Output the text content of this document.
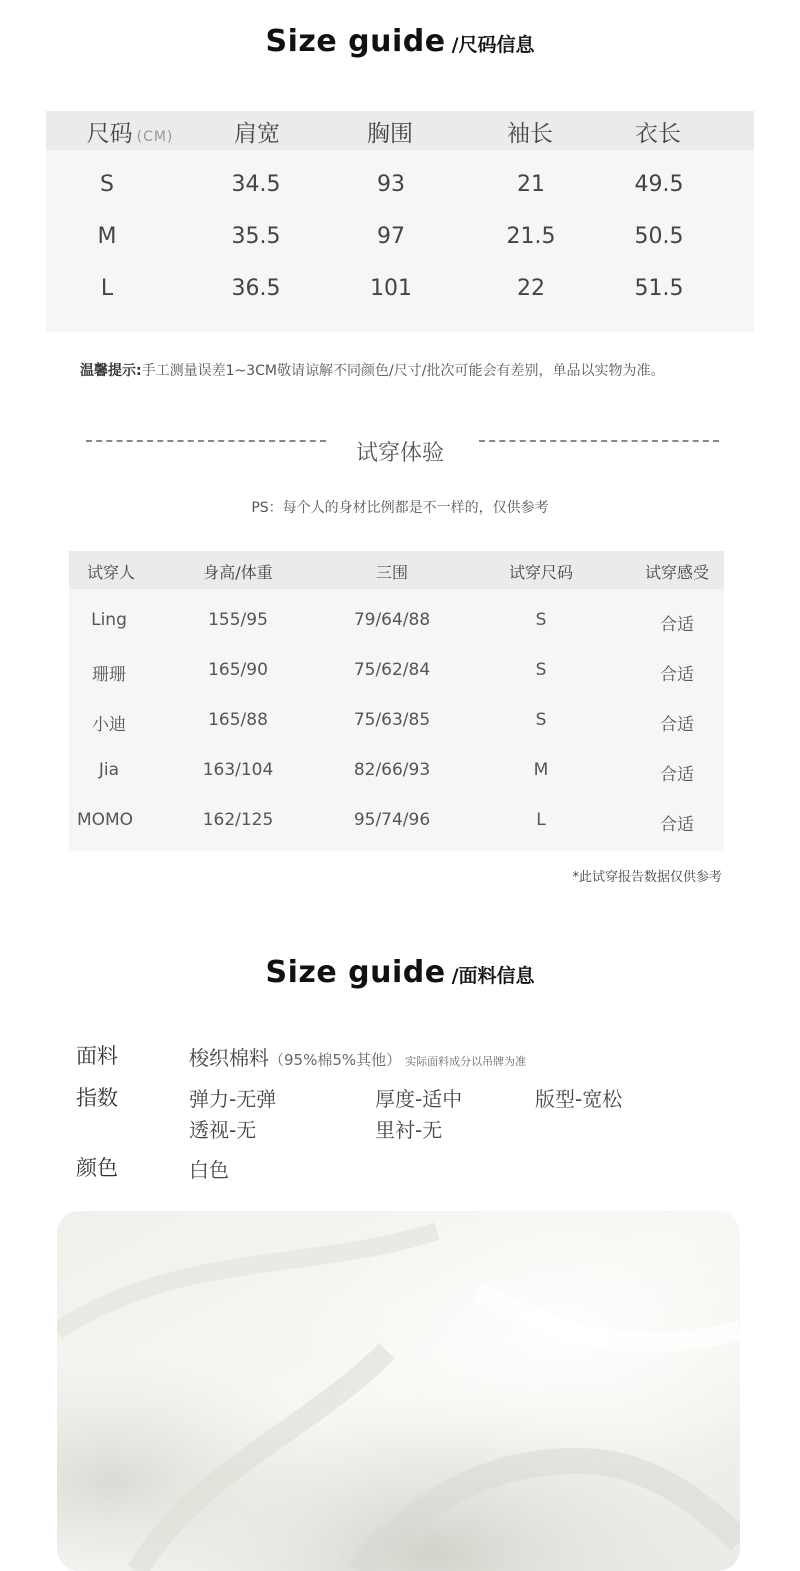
Size guide /尺码信息
尺码 (CM)	肩宽	胸围	袖长	衣长
S	34.5	93	21	49.5
M	35.5	97	21.5	50.5
L	36.5	101	22	51.5
温馨提示:手工测量误差1~3CM敬请谅解不同颜色/尺寸/批次可能会有差别，单品以实物为准。
试穿体验
PS：每个人的身材比例都是不一样的，仅供参考
试穿人	身高/体重	三围	试穿尺码	试穿感受
Ling	155/95	79/64/88	S	合适
珊珊	165/90	75/62/84	S	合适
小迪	165/88	75/63/85	S	合适
Jia	163/104	82/66/93	M	合适
MOMO	162/125	95/74/96	L	合适
*此试穿报告数据仅供参考
Size guide /面料信息
面料	梭织棉料（95%棉5%其他） 实际面料成分以吊牌为准
指数	弹力-无弹	厚度-适中	版型-宽松
透视-无	里衬-无
颜色	白色
